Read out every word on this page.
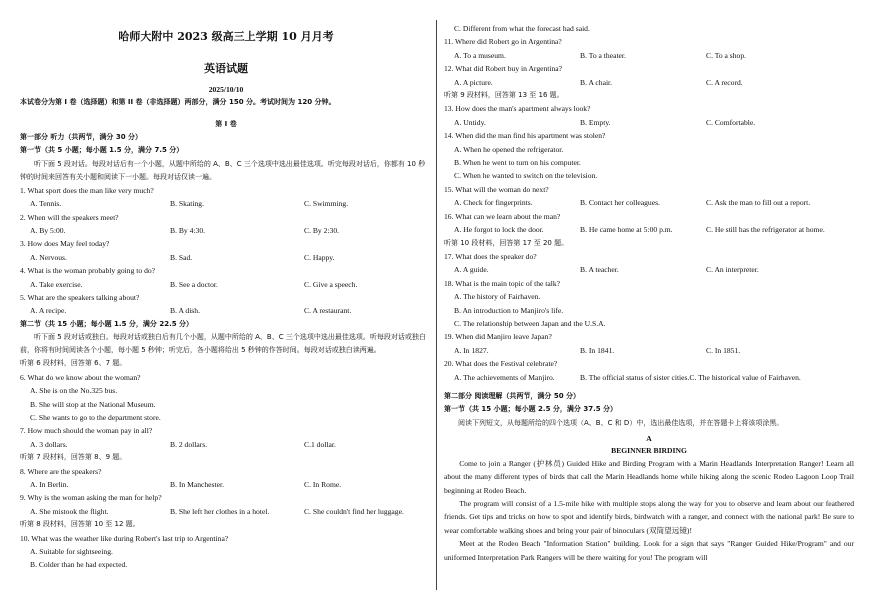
哈师大附中 2023 级高三上学期 10 月月考
英语试题
2025/10/10
本试卷分为第 I 卷（选择题）和第 II 卷（非选择题）两部分，满分 150 分。考试时间为 120 分钟。
第 I 卷
第一部分 听力（共两节，满分 30 分）
第一节（共 5 小题；每小题 1.5 分，满分 7.5 分）
听下面 5 段对话。每段对话后有一个小题，从题中所给的 A、B、C 三个选项中选出最佳选项。听完每段对话后，你都有 10 秒钟的时间来回答有关小题和阅读下一小题。每段对话仅读一遍。
1. What sport does the man like very much?
A. Tennis.	B. Skating.	C. Swimming.
2. When will the speakers meet?
A. By 5:00.	B. By 4:30.	C. By 2:30.
3. How does May feel today?
A. Nervous.	B. Sad.	C. Happy.
4. What is the woman probably going to do?
A. Take exercise.	B. See a doctor.	C. Give a speech.
5. What are the speakers talking about?
A. A recipe.	B. A dish.	C. A restaurant.
第二节（共 15 小题；每小题 1.5 分，满分 22.5 分）
听下面 5 段对话或独白。每段对话或独白后有几个小题，从题中所给的 A、B、C 三个选项中选出最佳选项。听每段对话或独白前，你将有时间阅读各个小题，每小题 5 秒钟；听完后，各小题将给出 5 秒钟的作答时间。每段对话或独白读两遍。
听第 6 段材料，回答第 6、7 题。
6. What do we know about the woman?
A. She is on the No.325 bus.
B. She will stop at the National Museum.
C. She wants to go to the department store.
7. How much should the woman pay in all?
A. 3 dollars.	B. 2 dollars.	C.1 dollar.
听第 7 段材料，回答第 8、9 题。
8. Where are the speakers?
A. In Berlin.	B. In Manchester.	C. In Rome.
9. Why is the woman asking the man for help?
A. She mistook the flight.	B. She left her clothes in a hotel.	C. She couldn't find her luggage.
听第 8 段材料，回答第 10 至 12 题。
10. What was the weather like during Robert's last trip to Argentina?
A. Suitable for sightseeing.
B. Colder than he had expected.
C. Different from what the forecast had said.
11. Where did Robert go in Argentina?
A. To a museum.	B. To a theater.	C. To a shop.
12. What did Robert buy in Argentina?
A. A picture.	B. A chair.	C. A record.
听第 9 段材料，回答第 13 至 16 题。
13. How does the man's apartment always look?
A. Untidy.	B. Empty.	C. Comfortable.
14. When did the man find his apartment was stolen?
A. When he opened the refrigerator.
B. When he went to turn on his computer.
C. When he wanted to switch on the television.
15. What will the woman do next?
A. Check for fingerprints.	B. Contact her colleagues.	C. Ask the man to fill out a report.
16. What can we learn about the man?
A. He forgot to lock the door.	B. He came home at 5:00 p.m.	C. He still has the refrigerator at home.
听第 10 段材料，回答第 17 至 20 题。
17. What does the speaker do?
A. A guide.	B. A teacher.	C. An interpreter.
18. What is the main topic of the talk?
A. The history of Fairhaven.
B. An introduction to Manjiro's life.
C. The relationship between Japan and the U.S.A.
19. When did Manjiro leave Japan?
A. In 1827.	B. In 1841.	C. In 1851.
20. What does the Festival celebrate?
A. The achievements of Manjiro.	B. The official status of sister cities. C. The historical value of Fairhaven.
第二部分 阅读理解（共两节，满分 50 分）
第一节（共 15 小题；每小题 2.5 分，满分 37.5 分）
阅读下列短文，从每题所给的四个选项（A、B、C 和 D）中，选出最佳选项，并在答题卡上将该项涂黑。
A
BEGINNER BIRDING
Come to join a Ranger (护林员) Guided Hike and Birding Program with a Marin Headlands Interpretation Ranger! Learn all about the many different types of birds that call the Marin Headlands home while hiking along the scenic Rodeo Lagoon Loop Trail beginning at Rodeo Beach.
The program will consist of a 1.5-mile hike with multiple stops along the way for you to observe and learn about our feathered friends. Get tips and tricks on how to spot and identify birds, birdwatch with a ranger, and connect with the national park! Be sure to wear comfortable walking shoes and bring your pair of binoculars (双筒望远镜)!
Meet at the Rodeo Beach "Information Station" building. Look for a sign that says "Ranger Guided Hike/Program" and our uniformed Interpretation Park Rangers will be there waiting for you! The program will
